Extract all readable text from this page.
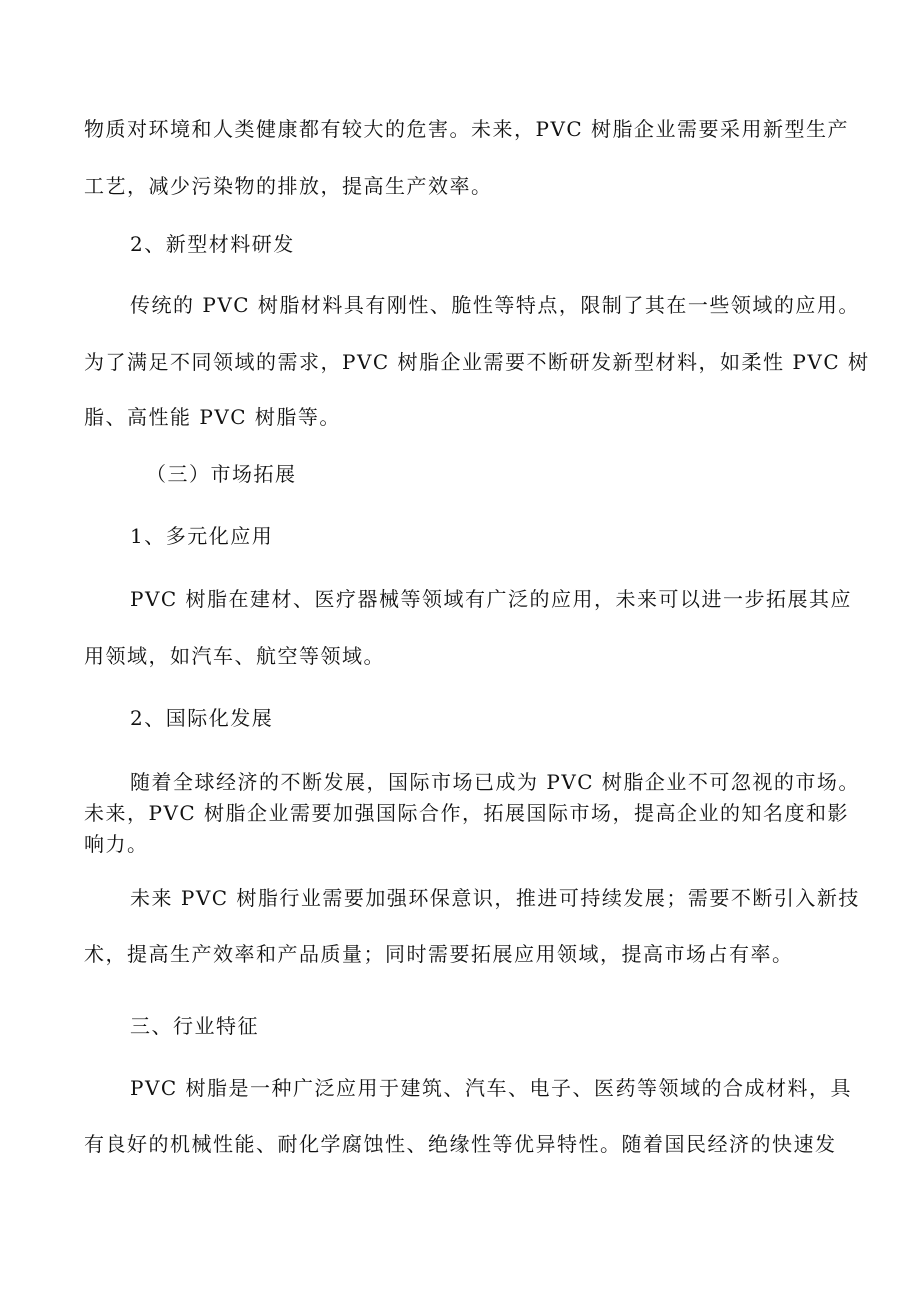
物质对环境和人类健康都有较大的危害。未来，PVC 树脂企业需要采用新型生产
工艺，减少污染物的排放，提高生产效率。
2、新型材料研发
传统的 PVC 树脂材料具有刚性、脆性等特点，限制了其在一些领域的应用。
为了满足不同领域的需求，PVC 树脂企业需要不断研发新型材料，如柔性 PVC 树
脂、高性能 PVC 树脂等。
（三）市场拓展
1、多元化应用
PVC 树脂在建材、医疗器械等领域有广泛的应用，未来可以进一步拓展其应
用领域，如汽车、航空等领域。
2、国际化发展
随着全球经济的不断发展，国际市场已成为 PVC 树脂企业不可忽视的市场。
未来，PVC 树脂企业需要加强国际合作，拓展国际市场，提高企业的知名度和影
响力。
未来 PVC 树脂行业需要加强环保意识，推进可持续发展；需要不断引入新技
术，提高生产效率和产品质量；同时需要拓展应用领域，提高市场占有率。
三、行业特征
PVC 树脂是一种广泛应用于建筑、汽车、电子、医药等领域的合成材料，具
有良好的机械性能、耐化学腐蚀性、绝缘性等优异特性。随着国民经济的快速发
